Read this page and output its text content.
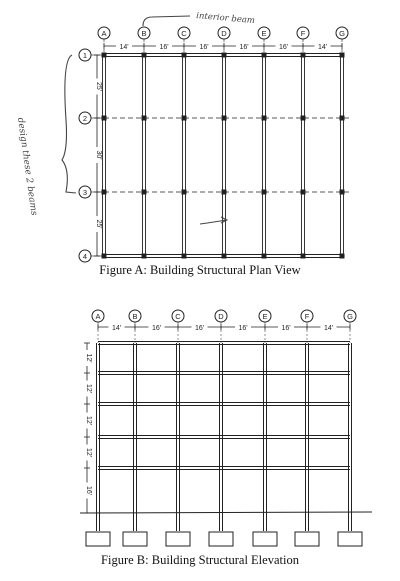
A	B	C	D	E	F	G
14'	16'	16'	16'	16'	14'
1
2
3
4
25'
30'
25'
interior beam
design these 2 beams
A	B	C	D	E	F	G
14'	16'	16'	16'	16'	14'
12'
12'
12'
12'
16'
Figure A: Building Structural Plan View
Figure B: Building Structural Elevation
